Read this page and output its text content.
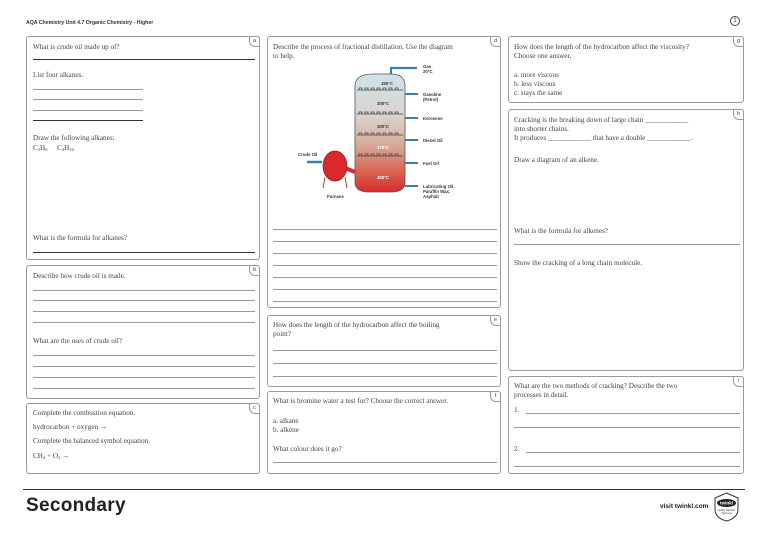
AQA Chemistry Unit 4.7 Organic Chemistry - Higher	1
a
What is crude oil made up of?
List four alkanes.
Draw the following alkanes:
$C_2H_6$ $C_4H_{10}$
What is the formula for alkanes?
b
Describe how crude oil is made.
What are the uses of crude oil?
c
Complete the combustion equation.
hydrocarbon + oxygen →
Complete the balanced symbol equation.
$CH_4 + O_2$ →
d
Describe the process of fractional distillation. Use the diagram
to help.
Crude Oil
Furnace
Gas
20°C
150°C
Gasoline
(Petrol)
200°C
Kerosene
300°C
Diesel Oil
370°C
Fuel Oil
400°C
Lubricating Oil,
Paraffin Wax,
Asphalt
e
How does the length of the hydrocarbon affect the boiling
point?
f
What is bromine water a test for? Choose the correct answer.
a. alkane
b. alkene
What colour does it go?
g
How does the length of the hydrocarbon affect the viscosity?
Choose one answer.
a. more viscous
b. less viscous
c. stays the same
h
Cracking is the breaking down of large chain ____________
into shorter chains.
It produces ____________ that have a double ____________.
Draw a diagram of an alkene.
What is the formula for alkenes?
Show the cracking of a long chain molecule.
i
What are the two methods of cracking? Describe the two
processes in detail.
1.
2.
Secondary	visit twinkl.com	twinkl
Quality Standard
Approved
